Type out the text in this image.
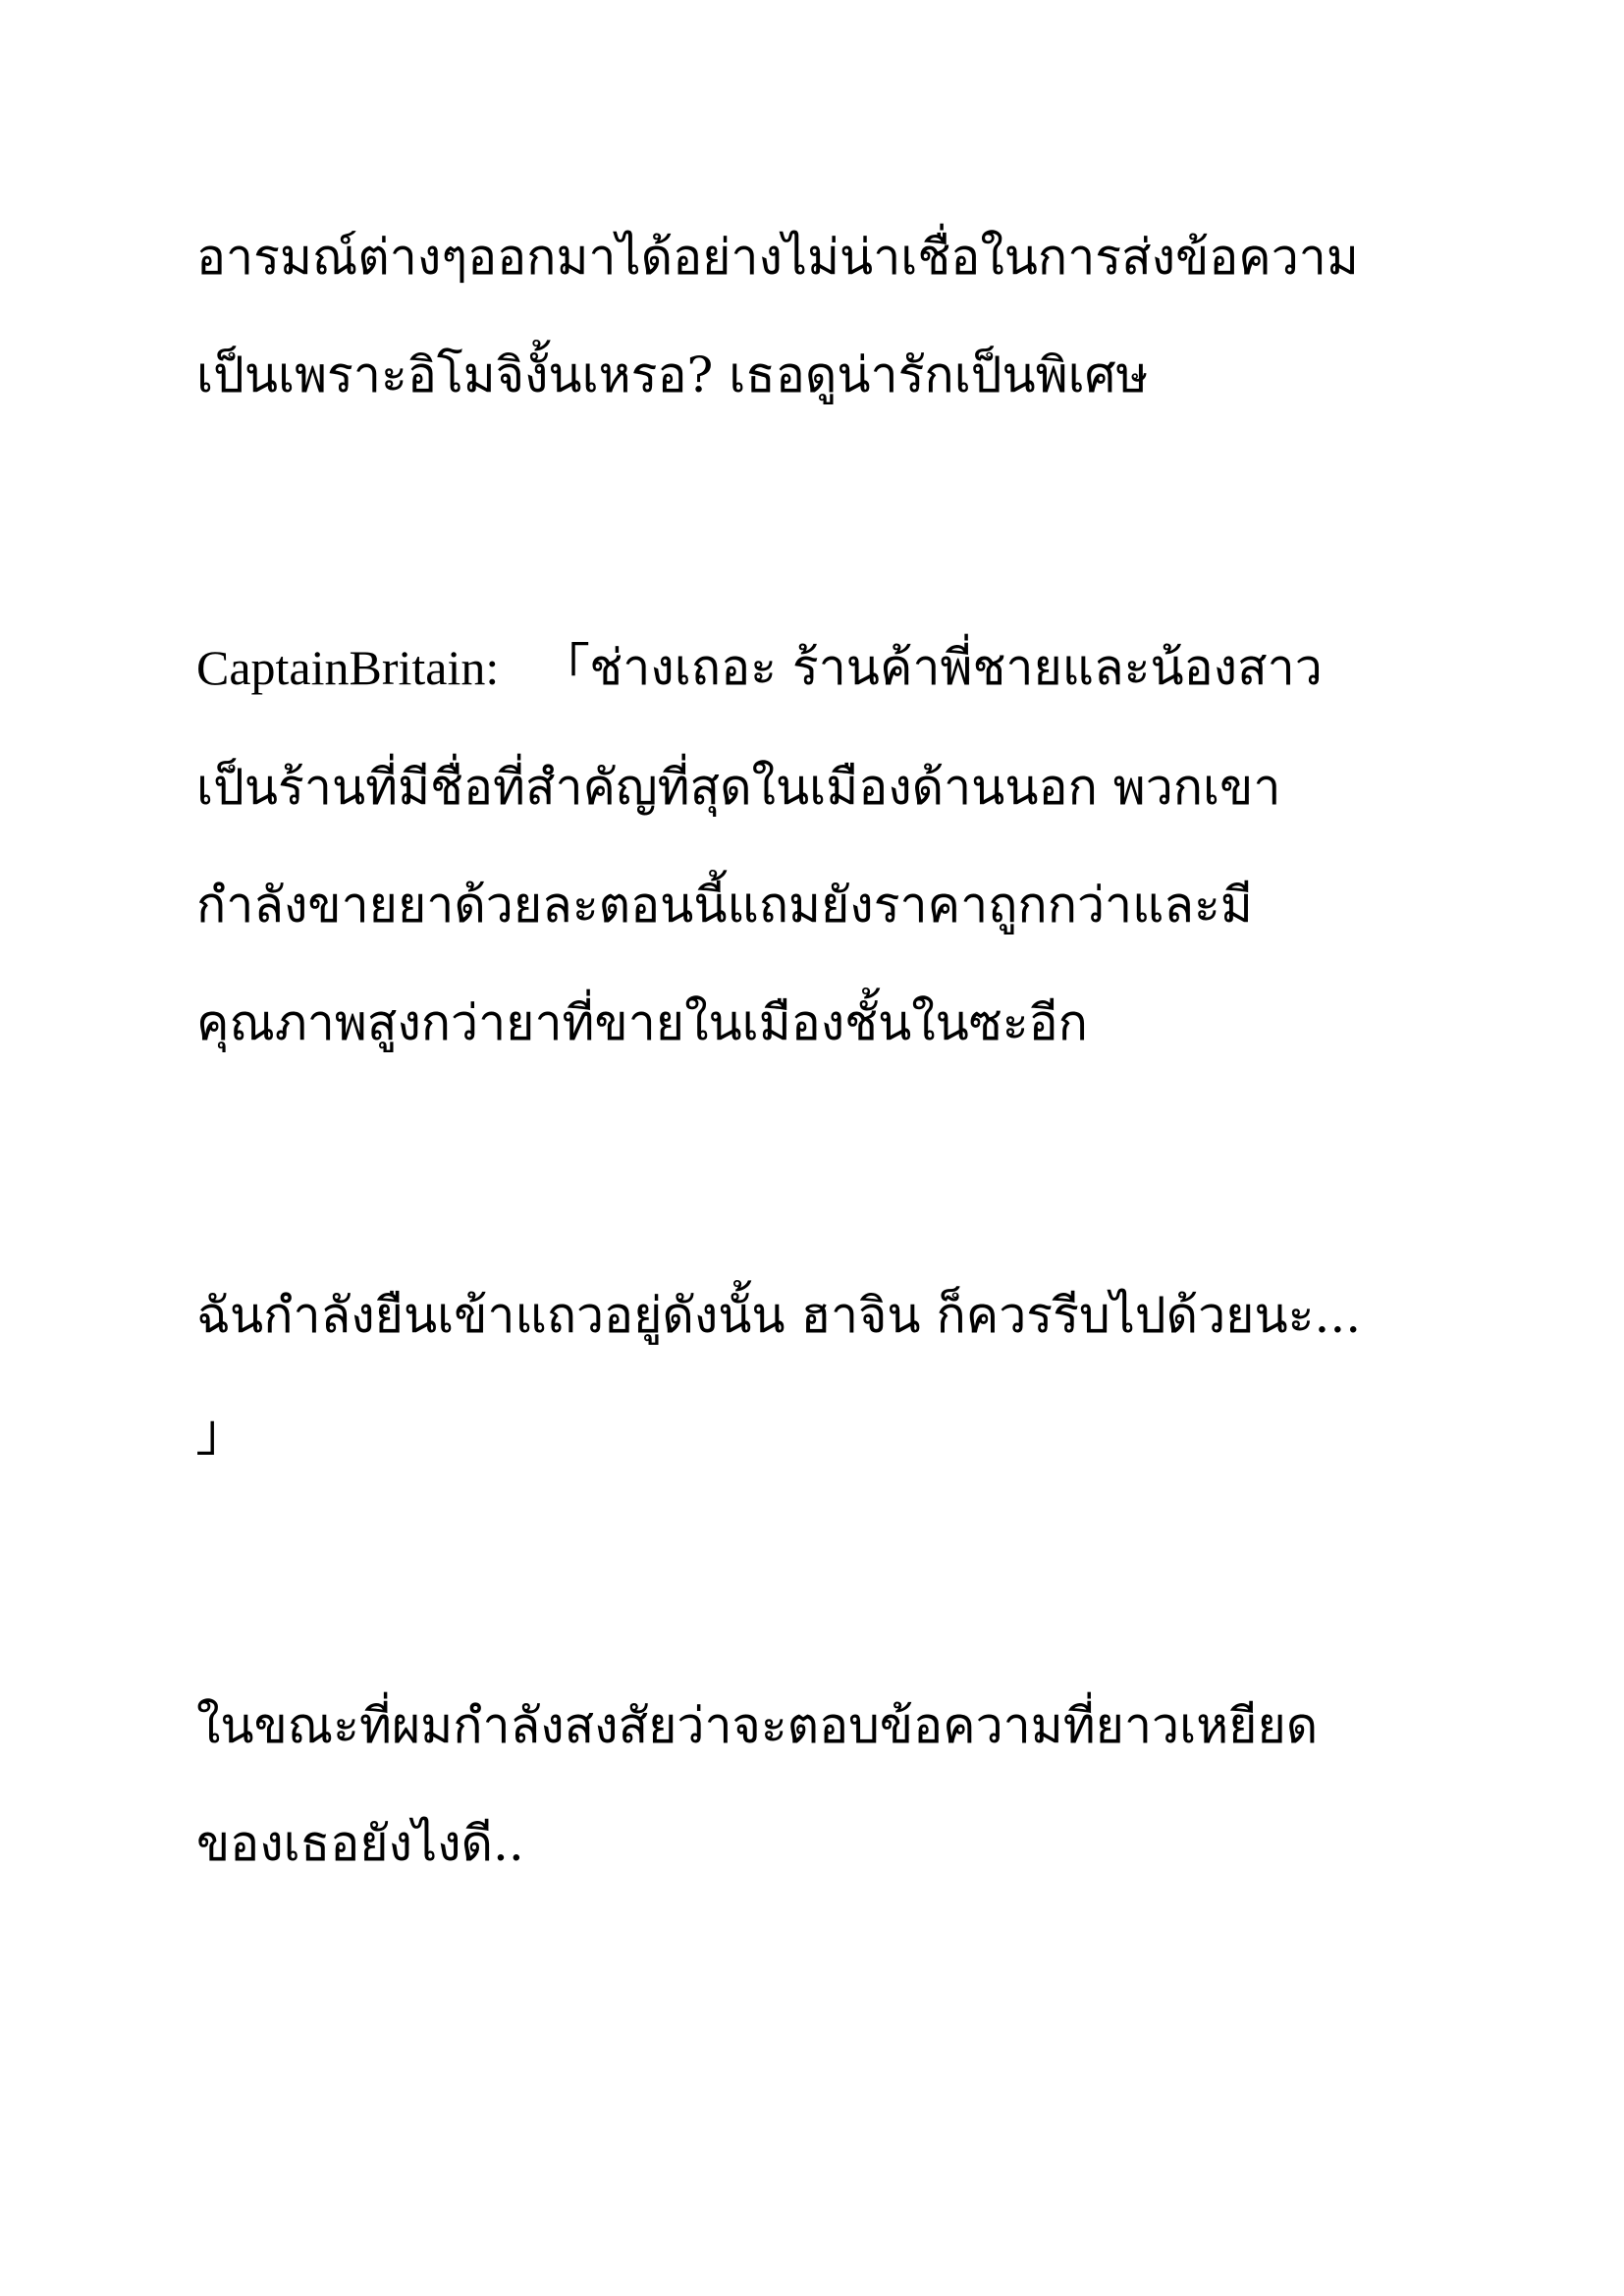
อารมณ์ต่างๆออกมาได้อย่างไม่น่าเชื่อในการส่งข้อความ
เป็นเพราะอิโมจิงั้นเหรอ? เธอดูน่ารักเป็นพิเศษ
CaptainBritain: 「ช่างเถอะ ร้านค้าพี่ชายและน้องสาว
เป็นร้านที่มีชื่อที่สำคัญที่สุดในเมืองด้านนอก พวกเขา
กำลังขายยาด้วยละตอนนี้แถมยังราคาถูกกว่าและมี
คุณภาพสูงกว่ายาที่ขายในเมืองชั้นในซะอีก
ฉันกำลังยืนเข้าแถวอยู่ดังนั้น ฮาจิน ก็ควรรีบไปด้วยนะ...
」
ในขณะที่ผมกำลังสงสัยว่าจะตอบข้อความที่ยาวเหยียด
ของเธอยังไงดี..
